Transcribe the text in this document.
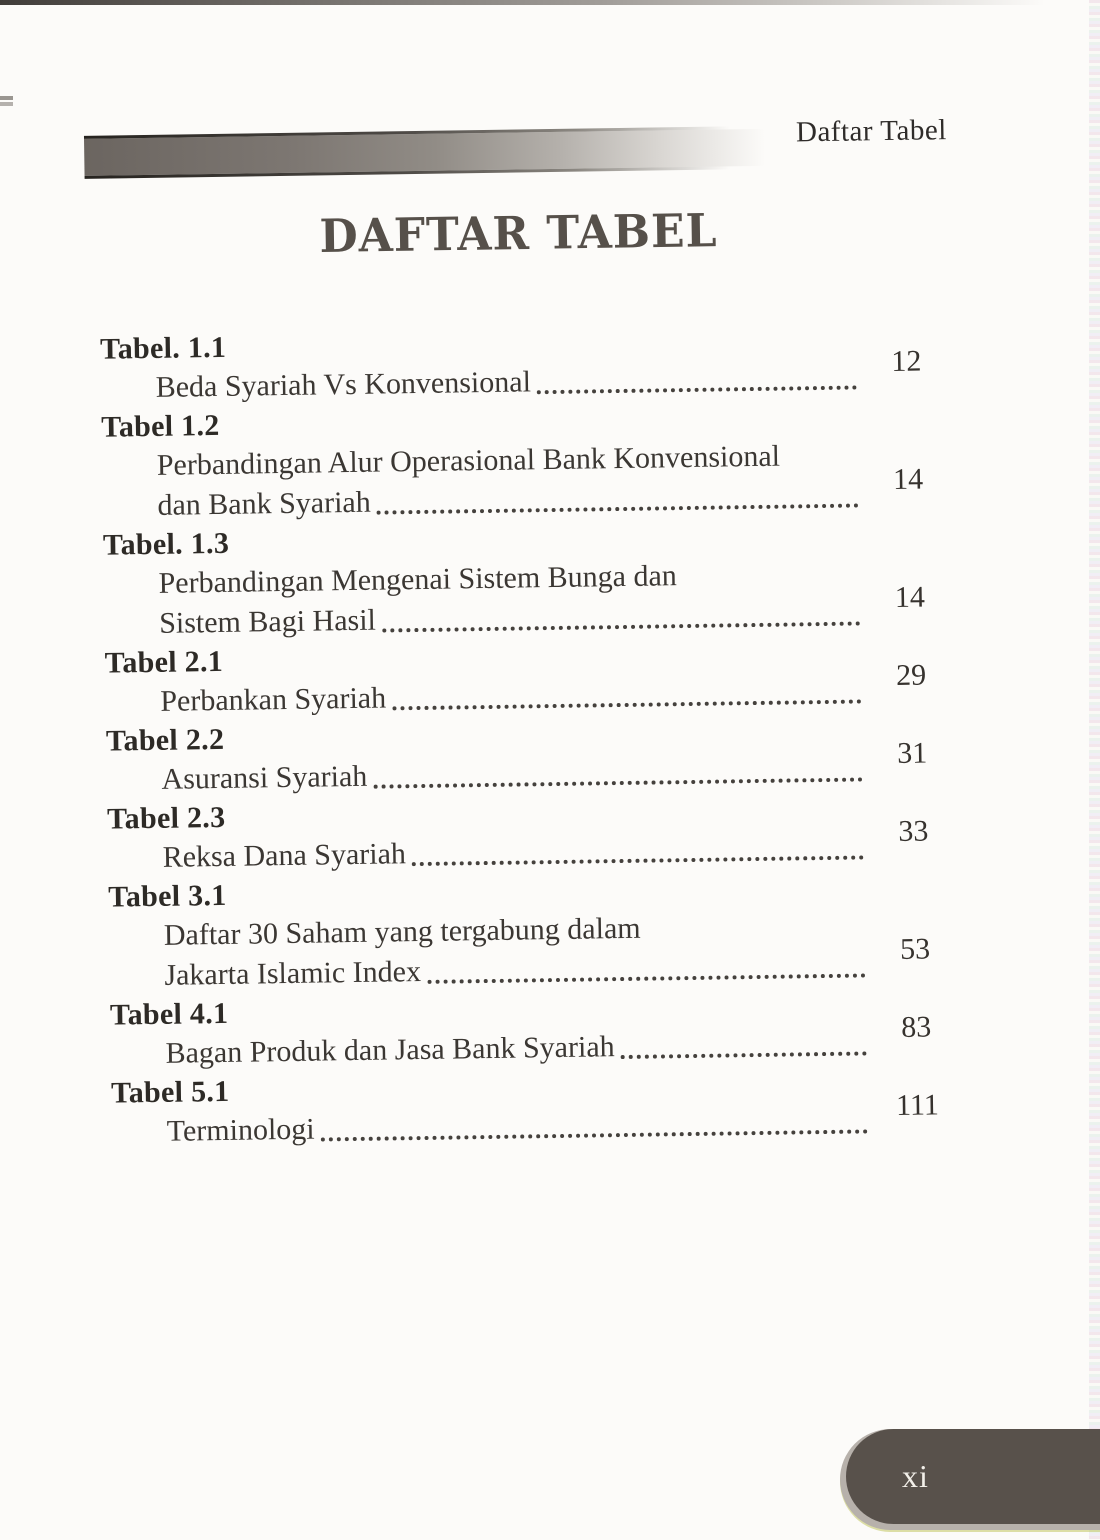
Daftar Tabel
DAFTAR TABEL
Tabel. 1.1
Beda Syariah Vs Konvensional
12
Tabel 1.2
Perbandingan Alur Operasional Bank Konvensional
dan Bank Syariah
14
Tabel. 1.3
Perbandingan Mengenai Sistem Bunga dan
Sistem Bagi Hasil
14
Tabel 2.1
Perbankan Syariah
29
Tabel 2.2
Asuransi Syariah
31
Tabel 2.3
Reksa Dana Syariah
33
Tabel 3.1
Daftar 30 Saham yang tergabung dalam
Jakarta Islamic Index
53
Tabel 4.1
Bagan Produk dan Jasa Bank Syariah
83
Tabel 5.1
Terminologi
111
xi
